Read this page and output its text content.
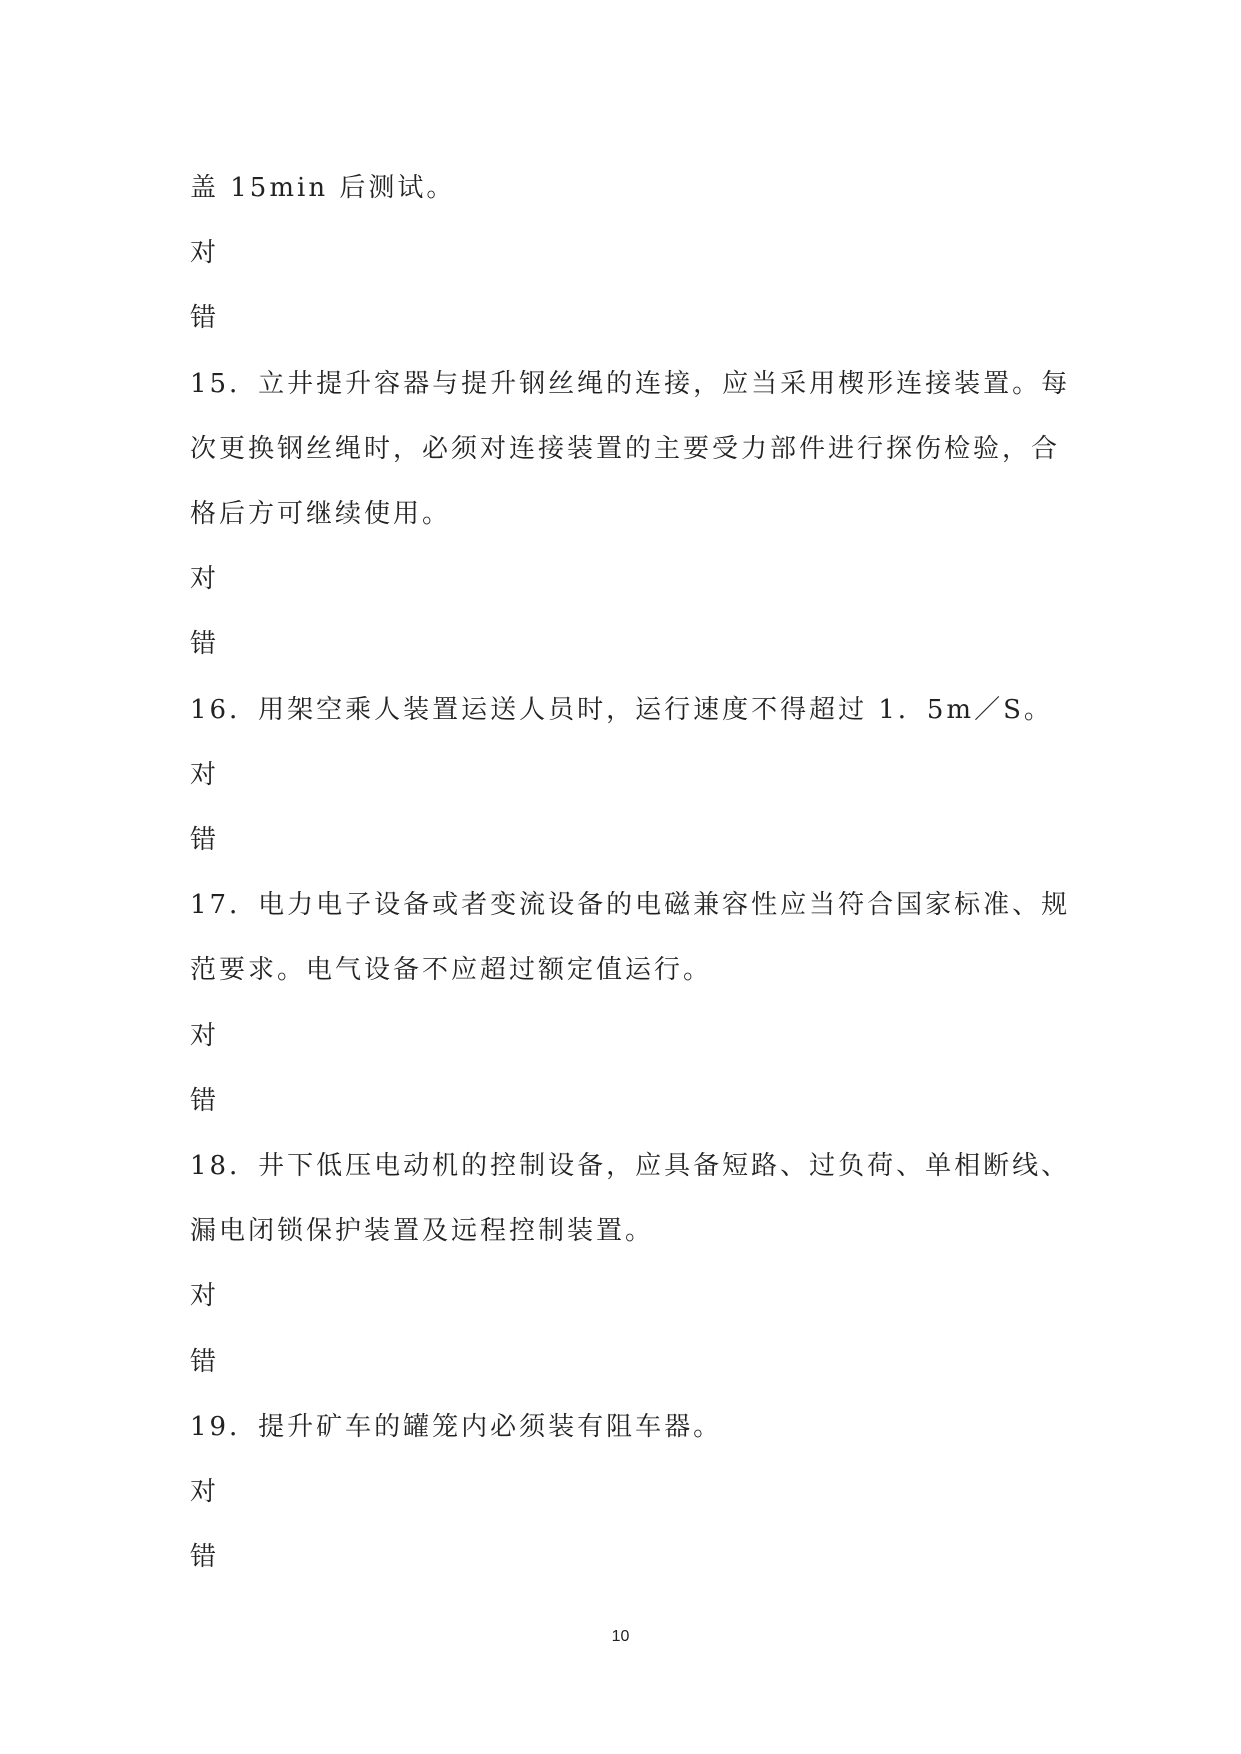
盖 15min 后测试。
对
错
15．立井提升容器与提升钢丝绳的连接，应当采用楔形连接装置。每
次更换钢丝绳时，必须对连接装置的主要受力部件进行探伤检验，合
格后方可继续使用。
对
错
16．用架空乘人装置运送人员时，运行速度不得超过 1．5m／S。
对
错
17．电力电子设备或者变流设备的电磁兼容性应当符合国家标准、规
范要求。电气设备不应超过额定值运行。
对
错
18．井下低压电动机的控制设备，应具备短路、过负荷、单相断线、
漏电闭锁保护装置及远程控制装置。
对
错
19．提升矿车的罐笼内必须装有阻车器。
对
错
10
